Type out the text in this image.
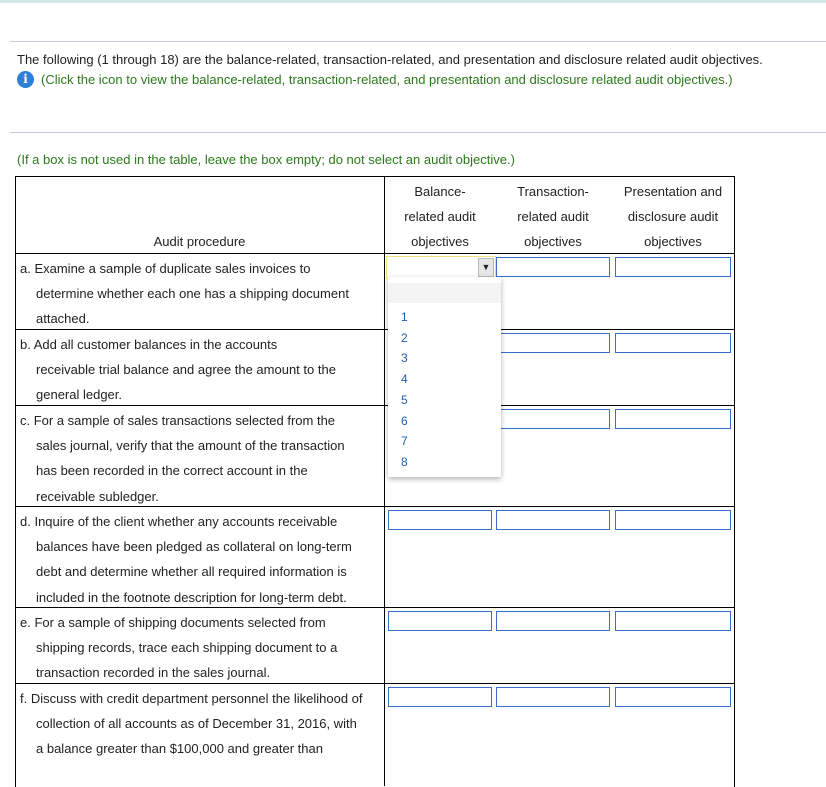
The following (1 through 18) are the balance-related, transaction-related, and presentation and disclosure related audit objectives.
i	(Click the icon to view the balance-related, transaction-related, and presentation and disclosure related audit objectives.)
(If a box is not used in the table, leave the box empty; do not select an audit objective.)
Audit procedure
Balance-
related audit
objectives
Transaction-
related audit
objectives
Presentation and
disclosure audit
objectives
a. Examine a sample of duplicate sales invoices to determine whether each one has a shipping document attached.
b. Add all customer balances in the accounts receivable trial balance and agree the amount to the general ledger.
c. For a sample of sales transactions selected from the sales journal, verify that the amount of the transaction has been recorded in the correct account in the receivable subledger.
d. Inquire of the client whether any accounts receivable balances have been pledged as collateral on long-term debt and determine whether all required information is included in the footnote description for long-term debt.
e. For a sample of shipping documents selected from shipping records, trace each shipping document to a transaction recorded in the sales journal.
f. Discuss with credit department personnel the likelihood of collection of all accounts as of December 31, 2016, with a balance greater than $100,000 and greater than
▼
1
2
3
4
5
6
7
8
